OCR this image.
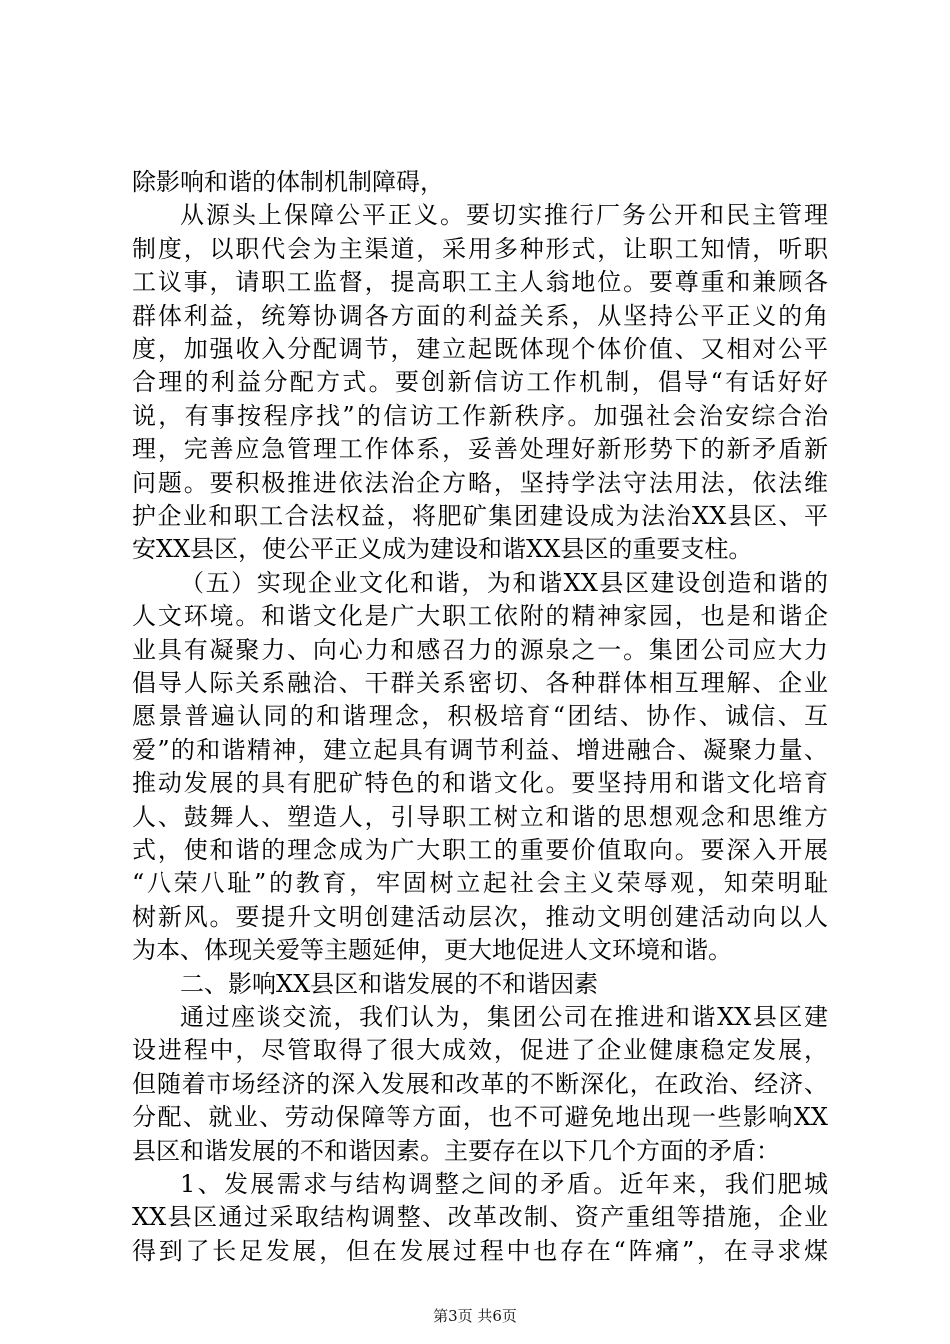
除影响和谐的体制机制障碍，
从源头上保障公平正义。要切实推行厂务公开和民主管理
制度，以职代会为主渠道，采用多种形式，让职工知情，听职
工议事，请职工监督，提高职工主人翁地位。要尊重和兼顾各
群体利益，统筹协调各方面的利益关系，从坚持公平正义的角
度，加强收入分配调节，建立起既体现个体价值、又相对公平
合理的利益分配方式。要创新信访工作机制，倡导“有话好好
说，有事按程序找”的信访工作新秩序。加强社会治安综合治
理，完善应急管理工作体系，妥善处理好新形势下的新矛盾新
问题。要积极推进依法治企方略，坚持学法守法用法，依法维
护企业和职工合法权益，将肥矿集团建设成为法治XX县区、平
安XX县区，使公平正义成为建设和谐XX县区的重要支柱。
（五）实现企业文化和谐，为和谐XX县区建设创造和谐的
人文环境。和谐文化是广大职工依附的精神家园，也是和谐企
业具有凝聚力、向心力和感召力的源泉之一。集团公司应大力
倡导人际关系融洽、干群关系密切、各种群体相互理解、企业
愿景普遍认同的和谐理念，积极培育“团结、协作、诚信、互
爱”的和谐精神，建立起具有调节利益、增进融合、凝聚力量、
推动发展的具有肥矿特色的和谐文化。要坚持用和谐文化培育
人、鼓舞人、塑造人，引导职工树立和谐的思想观念和思维方
式，使和谐的理念成为广大职工的重要价值取向。要深入开展
“八荣八耻”的教育，牢固树立起社会主义荣辱观，知荣明耻
树新风。要提升文明创建活动层次，推动文明创建活动向以人
为本、体现关爱等主题延伸，更大地促进人文环境和谐。
二、影响XX县区和谐发展的不和谐因素
通过座谈交流，我们认为，集团公司在推进和谐XX县区建
设进程中，尽管取得了很大成效，促进了企业健康稳定发展，
但随着市场经济的深入发展和改革的不断深化，在政治、经济、
分配、就业、劳动保障等方面，也不可避免地出现一些影响XX
县区和谐发展的不和谐因素。主要存在以下几个方面的矛盾：
1、发展需求与结构调整之间的矛盾。近年来，我们肥城
XX县区通过采取结构调整、改革改制、资产重组等措施，企业
得到了长足发展，但在发展过程中也存在“阵痛”，在寻求煤
第3页 共6页
